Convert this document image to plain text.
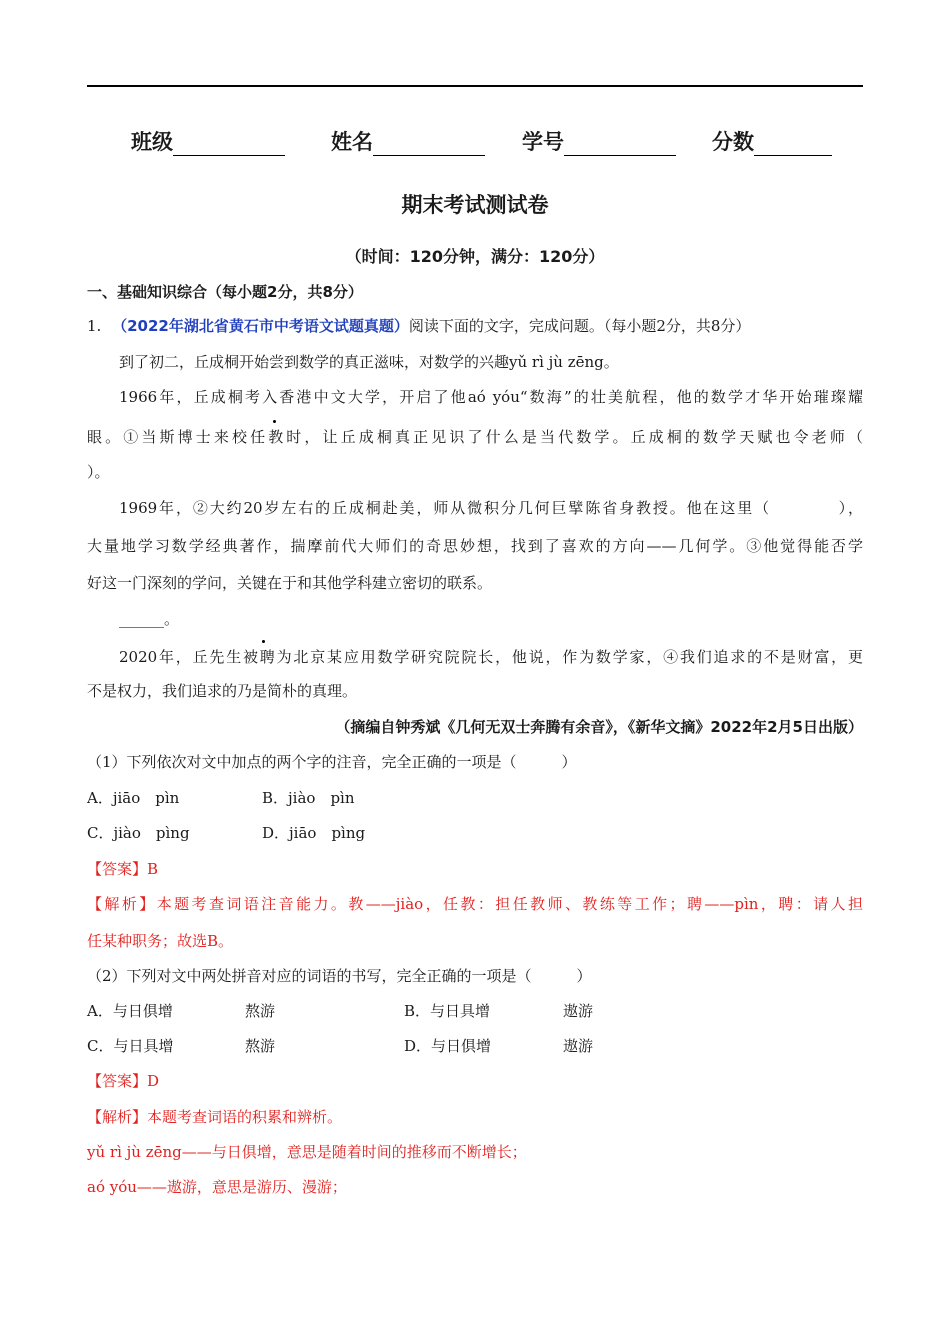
班级	姓名	学号	分数
期末考试测试卷
（时间：120分钟，满分：120分）
一、基础知识综合（每小题2分，共8分）
1. （2022年湖北省黄石市中考语文试题真题）阅读下面的文字，完成问题。（每小题2分，共8分）
到了初二，丘成桐开始尝到数学的真正滋味，对数学的兴趣yǔ rì jù zēng。
1966年，丘成桐考入香港中文大学，开启了他aó yóu“数海”的壮美航程，他的数学才华开始璀璨耀
眼。①当斯博士来校任教时，让丘成桐真正见识了什么是当代数学。丘成桐的数学天赋也令老师（
）。
1969年，②大约20岁左右的丘成桐赴美，师从微积分几何巨擘陈省身教授。他在这里（　　　　），
大量地学习数学经典著作，揣摩前代大师们的奇思妙想，找到了喜欢的方向——几何学。③他觉得能否学
好这一门深刻的学问，关键在于和其他学科建立密切的联系。
______。
2020年，丘先生被聘为北京某应用数学研究院院长，他说，作为数学家，④我们追求的不是财富，更
不是权力，我们追求的乃是简朴的真理。
（摘编自钟秀斌《几何无双士奔腾有余音》，《新华文摘》2022年2月5日出版）
（1）下列依次对文中加点的两个字的注音，完全正确的一项是（　　　）
A．jiāo　pìn	B．jiào　pìn
C．jiào　pìng	D．jiāo　pìng
【答案】B
【解析】本题考查词语注音能力。教——jiào，任教：担任教师、教练等工作；聘——pìn，聘：请人担
任某种职务；故选B。
（2）下列对文中两处拼音对应的词语的书写，完全正确的一项是（　　　）
A．与日俱增	熬游	B．与日具增	遨游
C．与日具增	熬游	D．与日俱增	遨游
【答案】D
【解析】本题考查词语的积累和辨析。
yǔ rì jù zēng——与日俱增，意思是随着时间的推移而不断增长；
aó yóu——遨游，意思是游历、漫游；
